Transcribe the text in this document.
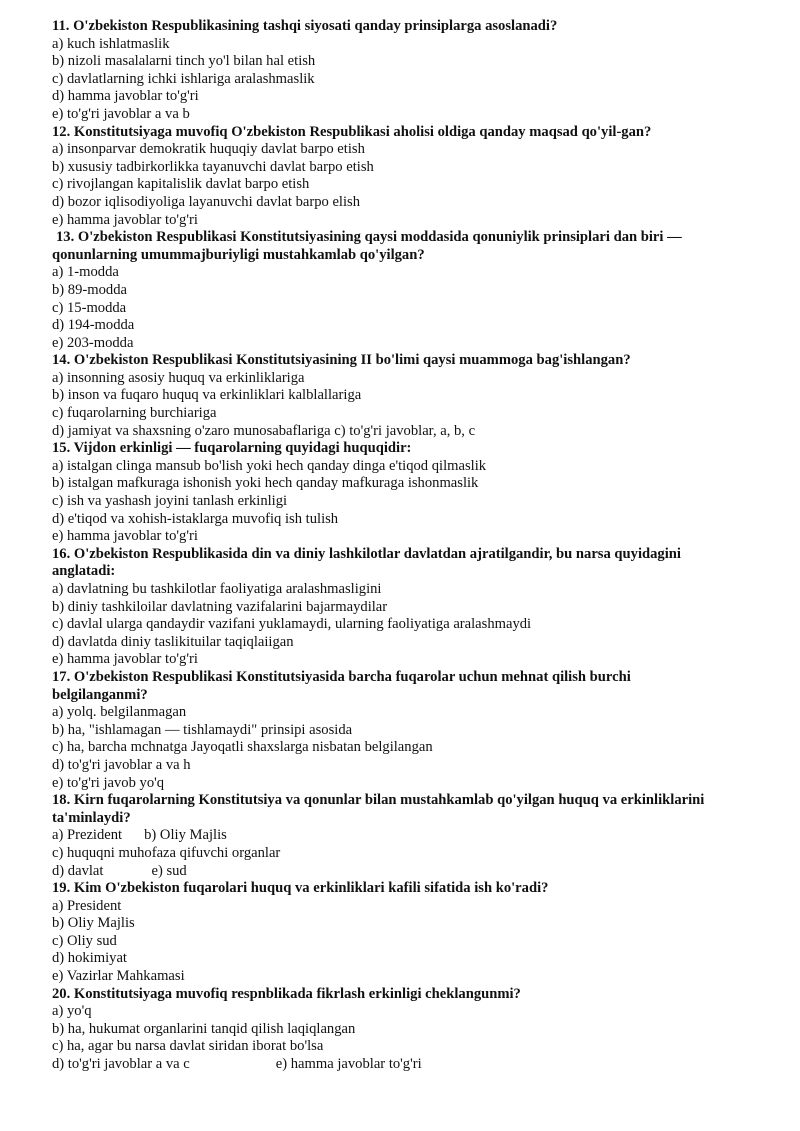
11. O'zbekiston Respublikasining tashqi siyosati qanday prinsiplarga asoslanadi?

a) kuch ishlatmaslik

b) nizoli masalalarni tinch yo'l bilan hal etish

c) davlatlarning ichki ishlariga aralashmaslik

d) hamma javoblar to'g'ri

e) to'g'ri javoblar a va b

12. Konstitutsiyaga muvofiq O'zbekiston Respublikasi aholisi oldiga qanday maqsad qo'yil-gan?

a) insonparvar demokratik huquqiy davlat barpo etish

b) xususiy tadbirkorlikka tayanuvchi davlat barpo etish

c) rivojlangan kapitalislik davlat barpo etish

d) bozor iqlisodiyoliga layanuvchi davlat barpo elish

e) hamma javoblar to'g'ri

13. O'zbekiston Respublikasi Konstitutsiyasining qaysi moddasida qonuniylik prinsiplari dan biri —

qonunlarning umummajburiyligi mustahkamlab qo'yilgan?

a) 1-modda

b) 89-modda

c) 15-modda

d) 194-modda

e) 203-modda

14. O'zbekiston Respublikasi Konstitutsiyasining II bo'limi qaysi muammoga bag'ishlangan?

a) insonning asosiy huquq va erkinliklariga

b) inson va fuqaro huquq va erkinliklari kalblallariga

c) fuqarolarning burchiariga

d) jamiyat va shaxsning o'zaro munosabaflariga c) to'g'ri javoblar, a, b, c

15. Vijdon erkinligi — fuqarolarning quyidagi huquqidir:

a) istalgan clinga mansub bo'lish yoki hech qanday dinga e'tiqod qilmaslik

b) istalgan mafkuraga ishonish yoki hech qanday mafkuraga ishonmaslik

c) ish va yashash joyini tanlash erkinligi

d) e'tiqod va xohish-istaklarga muvofiq ish tulish

e) hamma javoblar to'g'ri

16. O'zbekiston Respublikasida din va diniy lashkilotlar davlatdan ajratilgandir, bu narsa quyidagini

anglatadi:

a) davlatning bu tashkilotlar faoliyatiga aralashmasligini

b) diniy tashkiloilar davlatning vazifalarini bajarmaydilar

c) davlal ularga qandaydir vazifani yuklamaydi, ularning faoliyatiga aralashmaydi

d) davlatda diniy taslikituilar taqiqlaiigan

e) hamma javoblar to'g'ri

17. O'zbekiston Respublikasi Konstitutsiyasida barcha fuqarolar uchun mehnat qilish burchi

belgilanganmi?

a) yolq. belgilanmagan

b) ha, "ishlamagan — tishlamaydi" prinsipi asosida

c) ha, barcha mchnatga Jayoqatli shaxslarga nisbatan belgilangan

d) to'g'ri javoblar a va h

e) to'g'ri javob yo'q

18. Kirn fuqarolarning Konstitutsiya va qonunlar bilan mustahkamlab qo'yilgan huquq va erkinliklarini

ta'minlaydi?

a) Prezident b) Oliy Majlis

c) huquqni muhofaza qifuvchi organlar

d) davlat	e) sud

19. Kim O'zbekiston fuqarolari huquq va erkinliklari kafili sifatida ish ko'radi?

a) President

b) Oliy Majlis

c) Oliy sud

d) hokimiyat

e) Vazirlar Mahkamasi

20. Konstitutsiyaga muvofiq respnblikada fikrlash erkinligi cheklangunmi?

a) yo'q

b) ha, hukumat organlarini tanqid qilish laqiqlangan

c) ha, agar bu narsa davlat siridan iborat bo'lsa

d) to'g'ri javoblar a va c	e) hamma javoblar to'g'ri
